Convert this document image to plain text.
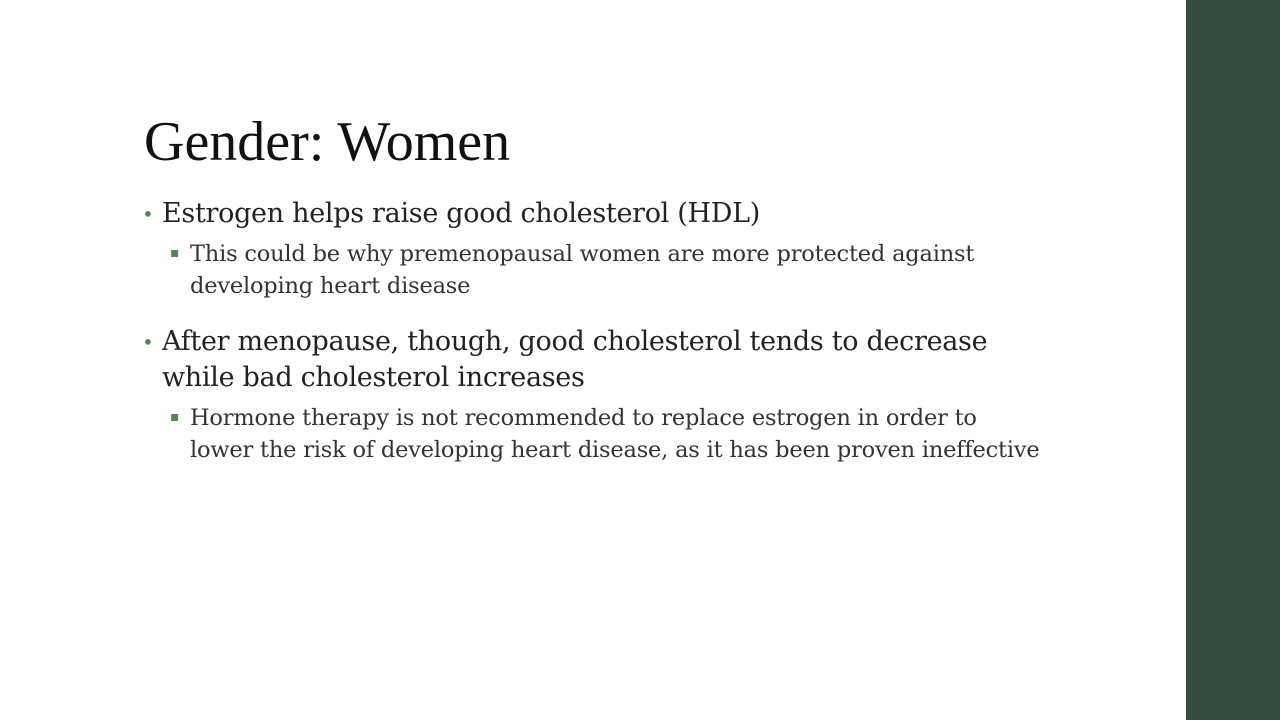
Gender: Women
• Estrogen helps raise good cholesterol (HDL)
▪ This could be why premenopausal women are more protected against developing heart disease
• After menopause, though, good cholesterol tends to decrease while bad cholesterol increases
▪ Hormone therapy is not recommended to replace estrogen in order to lower the risk of developing heart disease, as it has been proven ineffective
